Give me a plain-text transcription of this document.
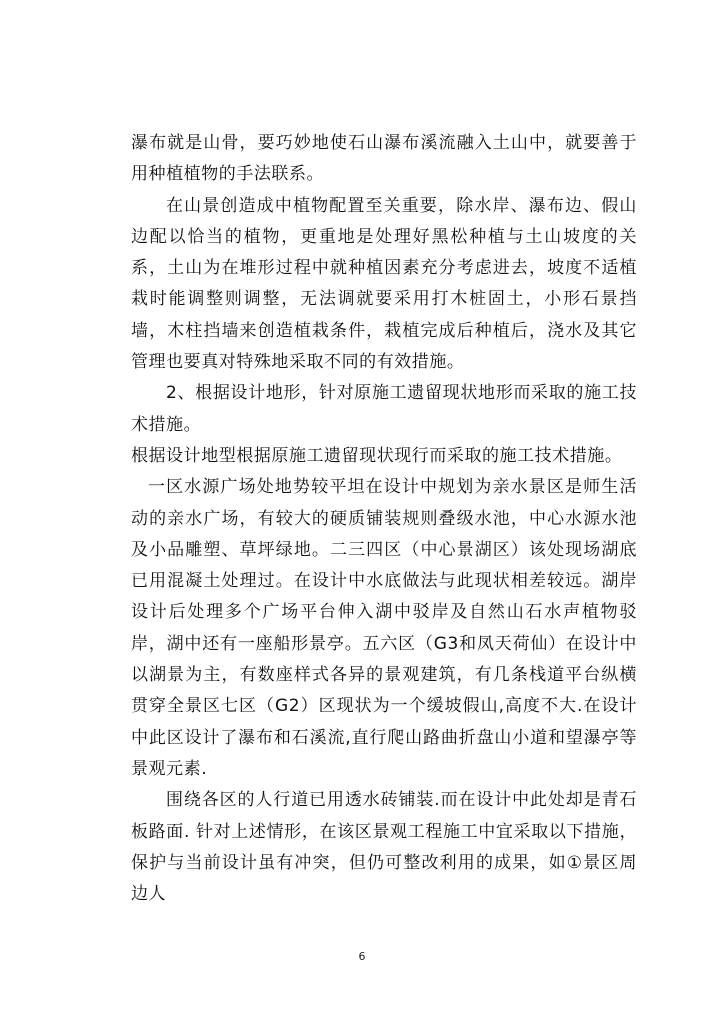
瀑布就是山骨，要巧妙地使石山瀑布溪流融入土山中，就要善于用种植植物的手法联系。

在山景创造成中植物配置至关重要，除水岸、瀑布边、假山边配以恰当的植物，更重地是处理好黑松种植与土山坡度的关系，土山为在堆形过程中就种植因素充分考虑进去，坡度不适植栽时能调整则调整，无法调就要采用打木桩固土，小形石景挡墙，木柱挡墙来创造植栽条件，栽植完成后种植后，浇水及其它管理也要真对特殊地采取不同的有效措施。

2、根据设计地形，针对原施工遗留现状地形而采取的施工技术措施。

根据设计地型根据原施工遗留现状现行而采取的施工技术措施。

一区水源广场处地势较平坦在设计中规划为亲水景区是师生活动的亲水广场，有较大的硬质铺装规则叠级水池，中心水源水池及小品雕塑、草坪绿地。二三四区（中心景湖区）该处现场湖底已用混凝土处理过。在设计中水底做法与此现状相差较远。湖岸设计后处理多个广场平台伸入湖中驳岸及自然山石水声植物驳岸，湖中还有一座船形景亭。五六区（G3和凤天荷仙）在设计中以湖景为主，有数座样式各异的景观建筑，有几条栈道平台纵横贯穿全景区七区（G2）区现状为一个缓坡假山,高度不大.在设计中此区设计了瀑布和石溪流,直行爬山路曲折盘山小道和望瀑亭等景观元素.

围绕各区的人行道已用透水砖铺装.而在设计中此处却是青石板路面. 针对上述情形，在该区景观工程施工中宜采取以下措施，保护与当前设计虽有冲突，但仍可整改利用的成果，如①景区周边人

6
